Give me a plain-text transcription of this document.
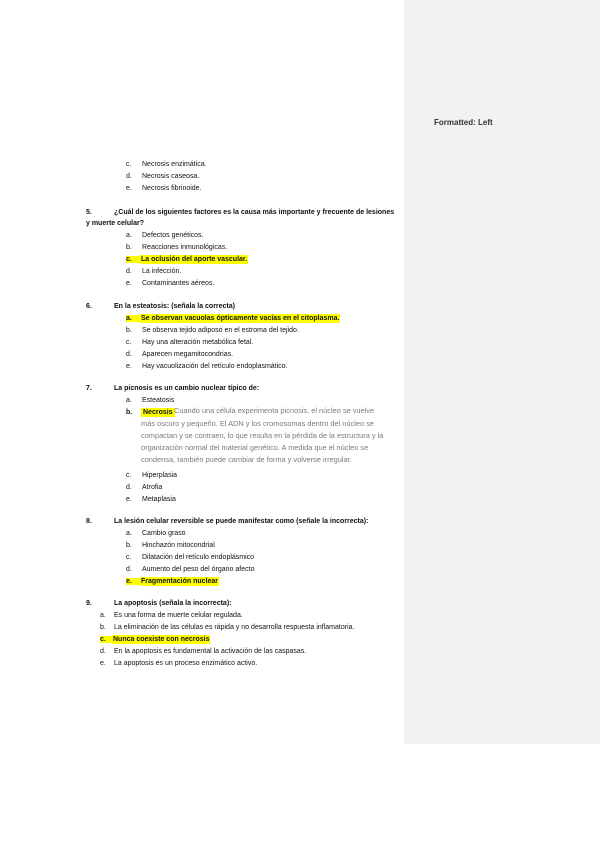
c. Necrosis enzimática.
d. Necrosis caseosa.
e. Necrosis fibrinoide.
5.	¿Cuál de los siguientes factores es la causa más importante y frecuente de lesiones
y muerte celular?
a. Defectos genéticos.
b. Reacciones inmunológicas.
c. La oclusión del aporte vascular.
d. La infección.
e. Contaminantes aéreos.
6.	En la esteatosis: (señala la correcta)
a. Se observan vacuolas ópticamente vacías en el citoplasma.
b. Se observa tejido adiposo en el estroma del tejido.
c. Hay una alteración metabólica fetal.
d. Aparecen megamitocondrias.
e. Hay vacuolización del retículo endoplasmático.
7.	La picnosis es un cambio nuclear típico de:
a. Esteatosis
b. Necrosis Cuando una célula experimenta picnosis, el núcleo se vuelve
más oscuro y pequeño. El ADN y los cromosomas dentro del núcleo se compactan y se contraen, lo que resulta en la pérdida de la estructura y la organización normal del material genético. A medida que el núcleo se condensa, también puede cambiar de forma y volverse irregular.
c. Hiperplasia
d. Atrofia
e. Metaplasia
8.	La lesión celular reversible se puede manifestar como (señale la incorrecta):
a. Cambio graso
b. Hinchazón mitocondrial
c. Dilatación del retículo endoplásmico
d. Aumento del peso del órgano afecto
e. Fragmentación nuclear
9.	La apoptosis (señala la incorrecta):
a. Es una forma de muerte celular regulada.
b. La eliminación de las células es rápida y no desarrolla respuesta inflamatoria.
c. Nunca coexiste con necrosis
d. En la apoptosis es fundamental la activación de las caspasas.
e. La apoptosis es un proceso enzimático activo.
Formatted: Left
